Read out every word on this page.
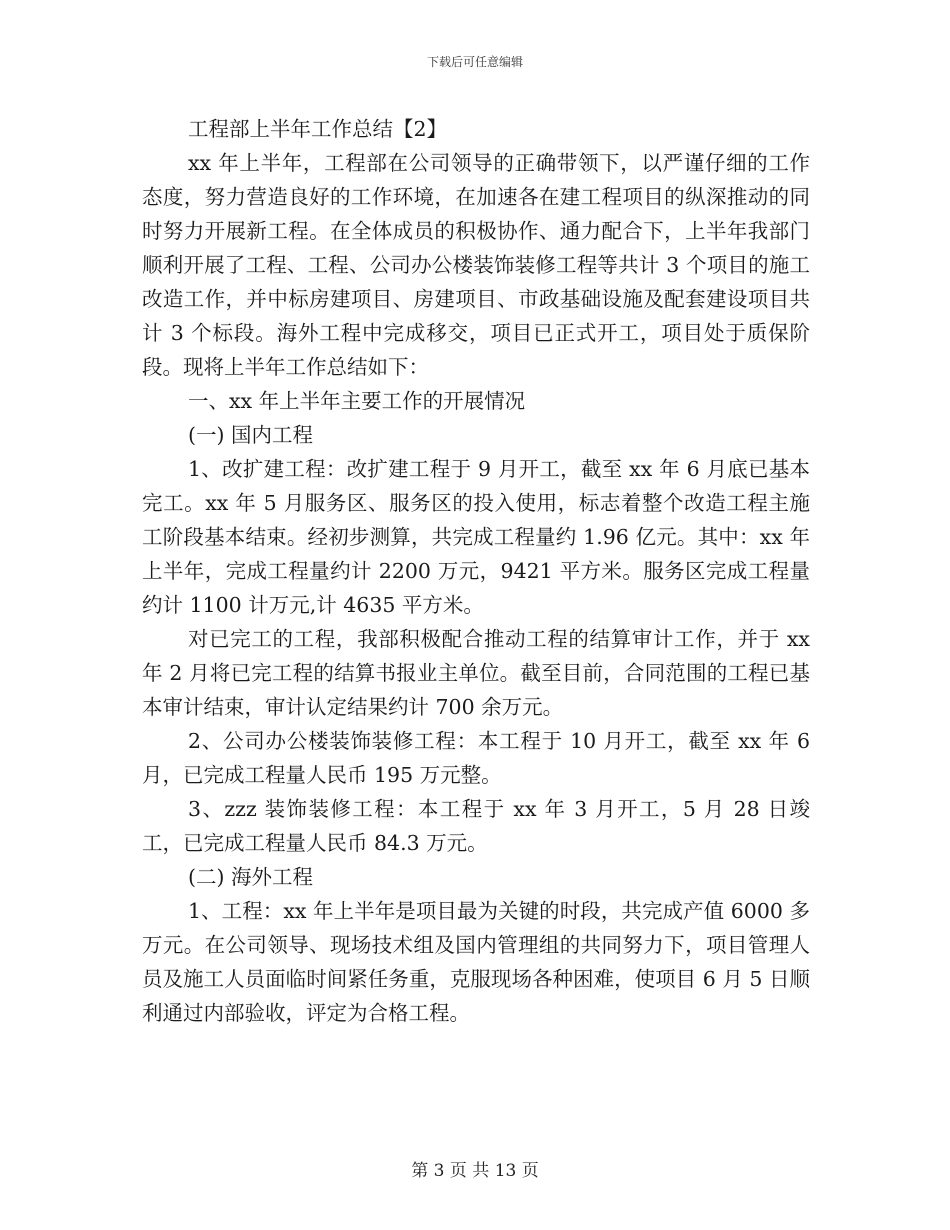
下载后可任意编辑

工程部上半年工作总结【2】

xx 年上半年，工程部在公司领导的正确带领下，以严谨仔细的工作态度，努力营造良好的工作环境，在加速各在建工程项目的纵深推动的同时努力开展新工程。在全体成员的积极协作、通力配合下，上半年我部门顺利开展了工程、工程、公司办公楼装饰装修工程等共计 3 个项目的施工改造工作，并中标房建项目、房建项目、市政基础设施及配套建设项目共计 3 个标段。海外工程中完成移交，项目已正式开工，项目处于质保阶段。现将上半年工作总结如下：

一、xx 年上半年主要工作的开展情况

(一) 国内工程

1、改扩建工程：改扩建工程于 9 月开工，截至 xx 年 6 月底已基本完工。xx 年 5 月服务区、服务区的投入使用，标志着整个改造工程主施工阶段基本结束。经初步测算，共完成工程量约 1.96 亿元。其中：xx 年上半年，完成工程量约计 2200 万元，9421 平方米。服务区完成工程量约计 1100 计万元,计 4635 平方米。

对已完工的工程，我部积极配合推动工程的结算审计工作，并于 xx 年 2 月将已完工程的结算书报业主单位。截至目前，合同范围的工程已基本审计结束，审计认定结果约计 700 余万元。

2、公司办公楼装饰装修工程：本工程于 10 月开工，截至 xx 年 6 月，已完成工程量人民币 195 万元整。

3、zzz 装饰装修工程：本工程于 xx 年 3 月开工，5 月 28 日竣工，已完成工程量人民币 84.3 万元。

(二) 海外工程

1、工程：xx 年上半年是项目最为关键的时段，共完成产值 6000 多万元。在公司领导、现场技术组及国内管理组的共同努力下，项目管理人员及施工人员面临时间紧任务重，克服现场各种困难，使项目 6 月 5 日顺利通过内部验收，评定为合格工程。

第 3 页 共 13 页
